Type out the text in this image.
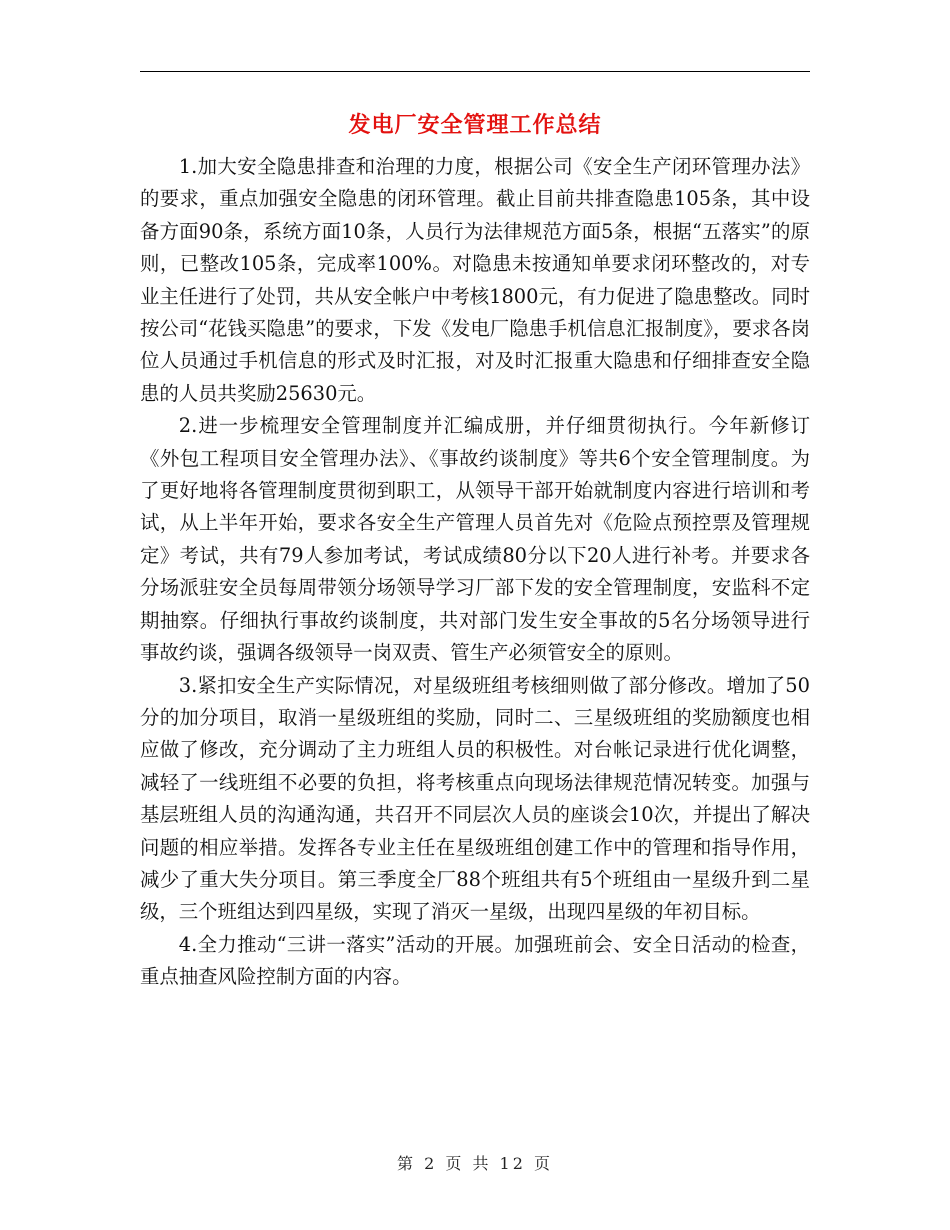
发电厂安全管理工作总结

1.加大安全隐患排查和治理的力度，根据公司《安全生产闭环管理办法》的要求，重点加强安全隐患的闭环管理。截止目前共排查隐患105条，其中设备方面90条，系统方面10条，人员行为法律规范方面5条，根据“五落实”的原则，已整改105条，完成率100%。对隐患未按通知单要求闭环整改的，对专业主任进行了处罚，共从安全帐户中考核1800元，有力促进了隐患整改。同时按公司“花钱买隐患”的要求，下发《发电厂隐患手机信息汇报制度》，要求各岗位人员通过手机信息的形式及时汇报，对及时汇报重大隐患和仔细排查安全隐患的人员共奖励25630元。

2.进一步梳理安全管理制度并汇编成册，并仔细贯彻执行。今年新修订《外包工程项目安全管理办法》、《事故约谈制度》等共6个安全管理制度。为了更好地将各管理制度贯彻到职工，从领导干部开始就制度内容进行培训和考试，从上半年开始，要求各安全生产管理人员首先对《危险点预控票及管理规定》考试，共有79人参加考试，考试成绩80分以下20人进行补考。并要求各分场派驻安全员每周带领分场领导学习厂部下发的安全管理制度，安监科不定期抽察。仔细执行事故约谈制度，共对部门发生安全事故的5名分场领导进行事故约谈，强调各级领导一岗双责、管生产必须管安全的原则。

3.紧扣安全生产实际情况，对星级班组考核细则做了部分修改。增加了50分的加分项目，取消一星级班组的奖励，同时二、三星级班组的奖励额度也相应做了修改，充分调动了主力班组人员的积极性。对台帐记录进行优化调整，减轻了一线班组不必要的负担，将考核重点向现场法律规范情况转变。加强与基层班组人员的沟通沟通，共召开不同层次人员的座谈会10次，并提出了解决问题的相应举措。发挥各专业主任在星级班组创建工作中的管理和指导作用，减少了重大失分项目。第三季度全厂88个班组共有5个班组由一星级升到二星级，三个班组达到四星级，实现了消灭一星级，出现四星级的年初目标。

4.全力推动“三讲一落实”活动的开展。加强班前会、安全日活动的检查，重点抽查风险控制方面的内容。

第 2 页 共 12 页
